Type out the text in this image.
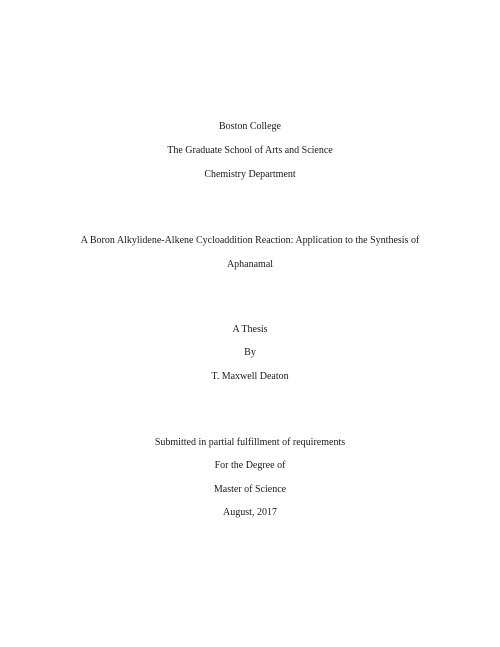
Boston College
The Graduate School of Arts and Science
Chemistry Department
A Boron Alkylidene-Alkene Cycloaddition Reaction: Application to the Synthesis of
Aphanamal
A Thesis
By
T. Maxwell Deaton
Submitted in partial fulfillment of requirements
For the Degree of
Master of Science
August, 2017
